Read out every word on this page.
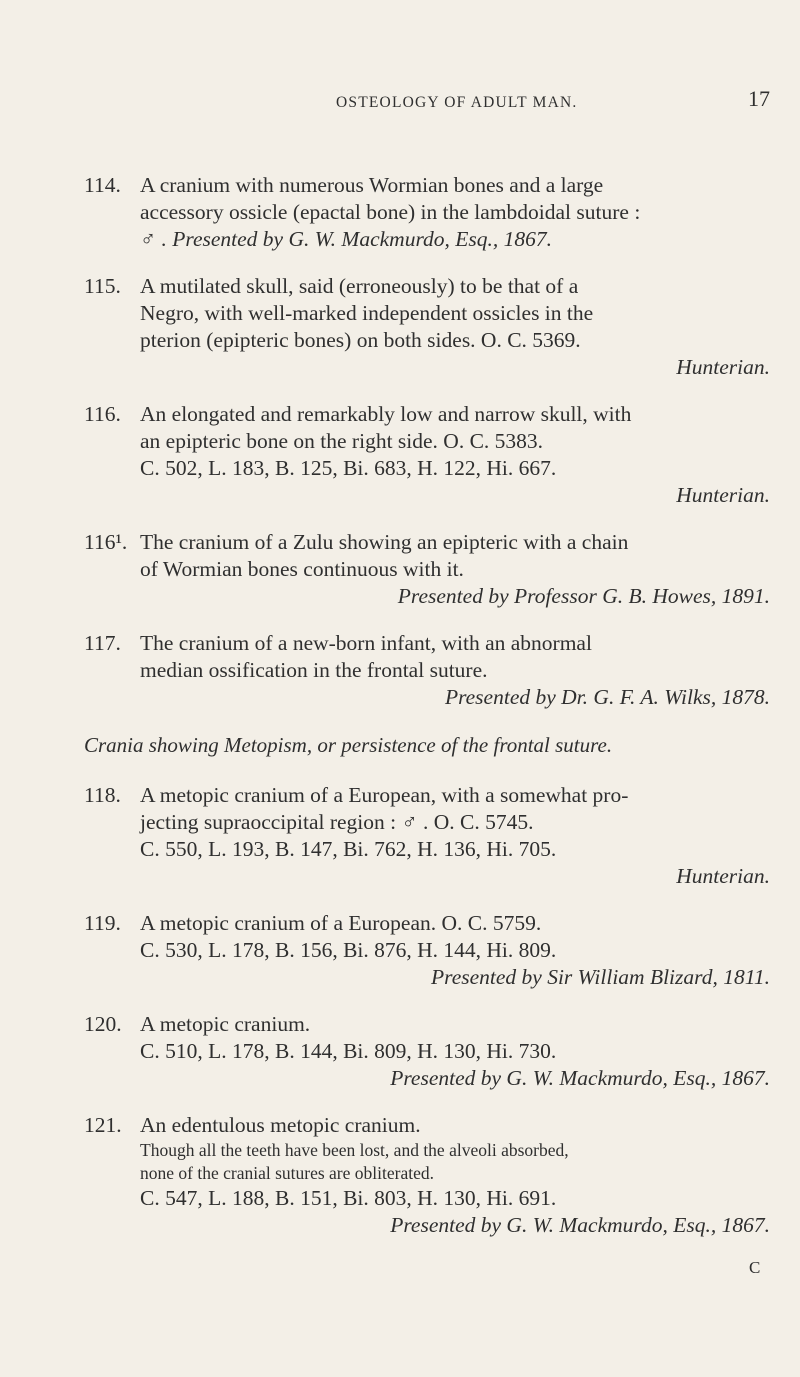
OSTEOLOGY OF ADULT MAN.	17
114. A cranium with numerous Wormian bones and a large
accessory ossicle (epactal bone) in the lambdoidal suture :
♂ . Presented by G. W. Mackmurdo, Esq., 1867.
115. A mutilated skull, said (erroneously) to be that of a
Negro, with well-marked independent ossicles in the
pterion (epipteric bones) on both sides. O. C. 5369.
Hunterian.
116. An elongated and remarkably low and narrow skull, with
an epipteric bone on the right side. O. C. 5383.
C. 502, L. 183, B. 125, Bi. 683, H. 122, Hi. 667.
Hunterian.
116¹. The cranium of a Zulu showing an epipteric with a chain
of Wormian bones continuous with it.
Presented by Professor G. B. Howes, 1891.
117. The cranium of a new-born infant, with an abnormal
median ossification in the frontal suture.
Presented by Dr. G. F. A. Wilks, 1878.
Crania showing Metopism, or persistence of the frontal suture.
118. A metopic cranium of a European, with a somewhat pro-
jecting supraoccipital region : ♂ . O. C. 5745.
C. 550, L. 193, B. 147, Bi. 762, H. 136, Hi. 705.
Hunterian.
119. A metopic cranium of a European. O. C. 5759.
C. 530, L. 178, B. 156, Bi. 876, H. 144, Hi. 809.
Presented by Sir William Blizard, 1811.
120. A metopic cranium.
C. 510, L. 178, B. 144, Bi. 809, H. 130, Hi. 730.
Presented by G. W. Mackmurdo, Esq., 1867.
121. An edentulous metopic cranium.
Though all the teeth have been lost, and the alveoli absorbed,
none of the cranial sutures are obliterated.
C. 547, L. 188, B. 151, Bi. 803, H. 130, Hi. 691.
Presented by G. W. Mackmurdo, Esq., 1867.
C
